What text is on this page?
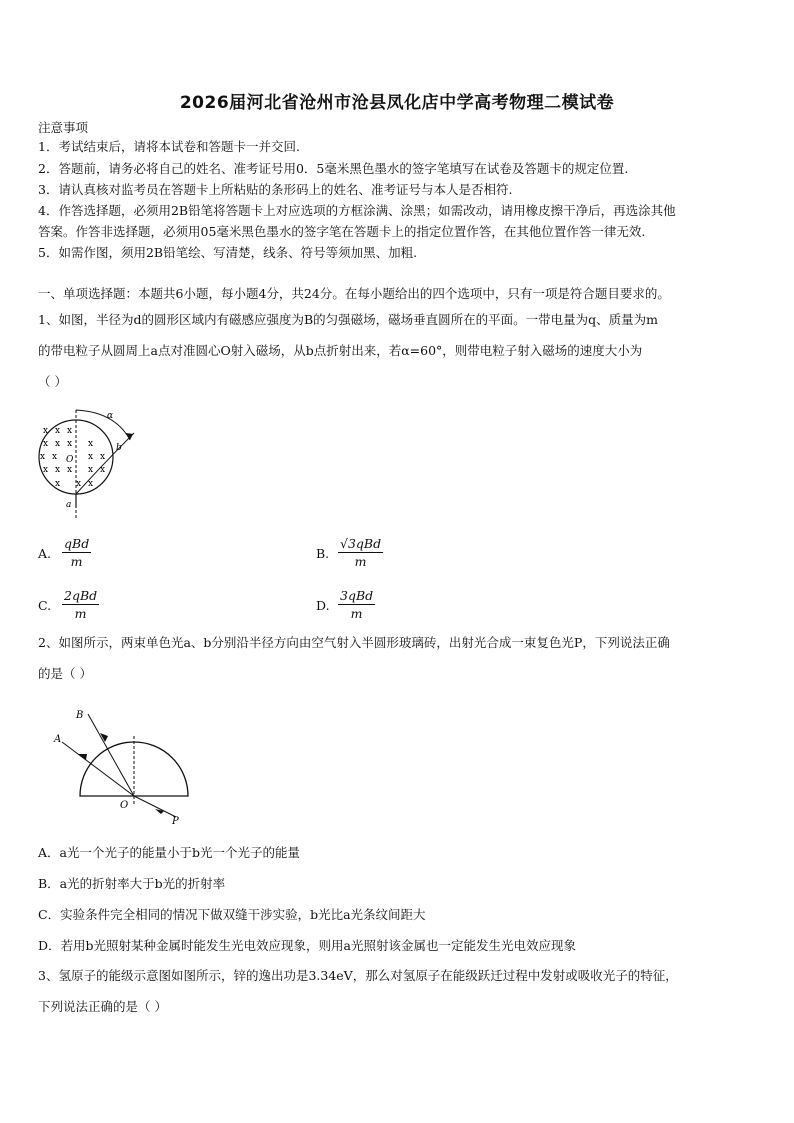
2026届河北省沧州市沧县凤化店中学高考物理二模试卷
注意事项
1．考试结束后，请将本试卷和答题卡一并交回.
2．答题前，请务必将自己的姓名、准考证号用0．5毫米黑色墨水的签字笔填写在试卷及答题卡的规定位置.
3．请认真核对监考员在答题卡上所粘贴的条形码上的姓名、准考证号与本人是否相符.
4．作答选择题，必须用2B铅笔将答题卡上对应选项的方框涂满、涂黑；如需改动，请用橡皮擦干净后，再选涂其他
答案。作答非选择题，必须用05毫米黑色墨水的签字笔在答题卡上的指定位置作答，在其他位置作答一律无效.
5．如需作图，须用2B铅笔绘、写清楚，线条、符号等须加黑、加粗.
一、单项选择题：本题共6小题，每小题4分，共24分。在每小题给出的四个选项中，只有一项是符合题目要求的。
1、如图，半径为d的圆形区域内有磁感应强度为B的匀强磁场，磁场垂直圆所在的平面。一带电量为q、质量为m
的带电粒子从圆周上a点对准圆心O射入磁场，从b点折射出来，若α=60°，则带电粒子射入磁场的速度大小为
（ ）
x x x
x x x x
x x	x x
x x x x x
x x x
α
b
O
a
A.
qBd
m
B.
√3qBd
m
C.
2qBd
m
D.
3qBd
m
2、如图所示，两束单色光a、b分别沿半径方向由空气射入半圆形玻璃砖，出射光合成一束复色光P，下列说法正确
的是（ ）
B
A
O
P
A．a光一个光子的能量小于b光一个光子的能量
B．a光的折射率大于b光的折射率
C．实验条件完全相同的情况下做双缝干涉实验，b光比a光条纹间距大
D．若用b光照射某种金属时能发生光电效应现象，则用a光照射该金属也一定能发生光电效应现象
3、氢原子的能级示意图如图所示，锌的逸出功是3.34eV，那么对氢原子在能级跃迁过程中发射或吸收光子的特征，
下列说法正确的是（ ）
